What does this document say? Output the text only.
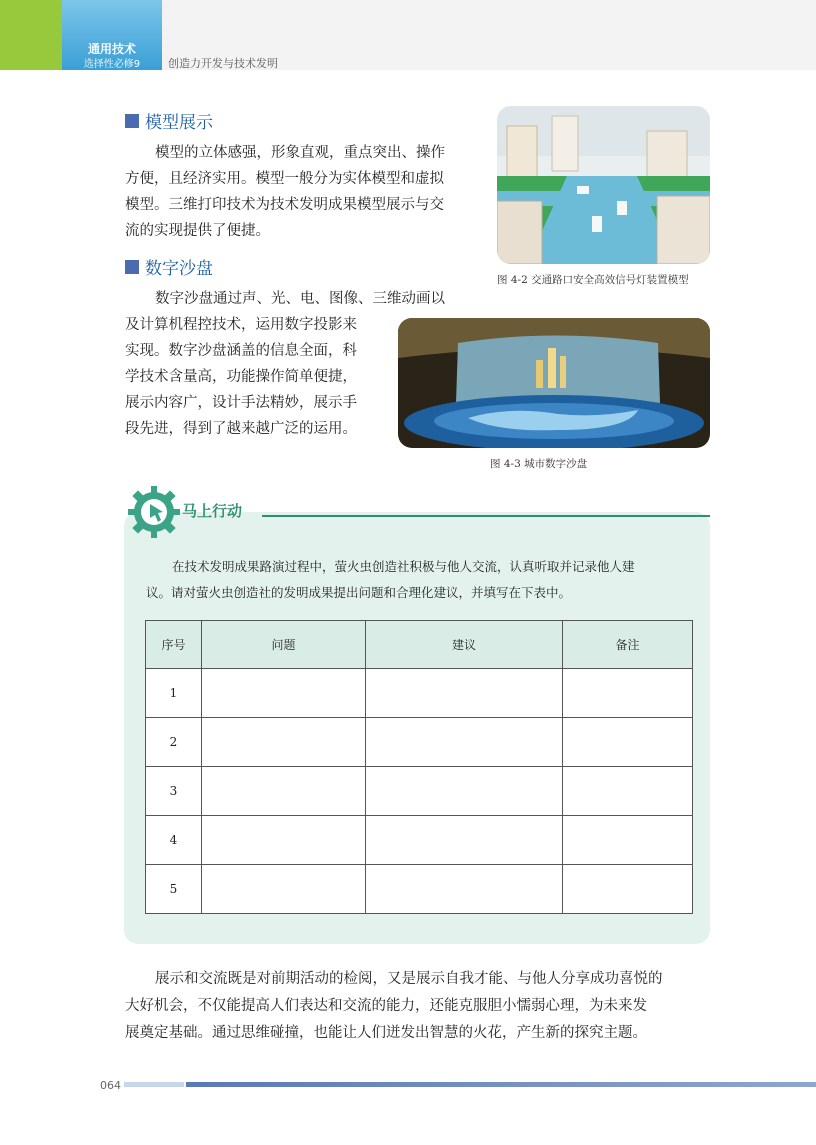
通用技术
选择性必修9	创造力开发与技术发明
模型展示

模型的立体感强，形象直观，重点突出、操作

方便，且经济实用。模型一般分为实体模型和虚拟

模型。三维打印技术为技术发明成果模型展示与交

流的实现提供了便捷。

图 4-2 交通路口安全高效信号灯装置模型
数字沙盘

数字沙盘通过声、光、电、图像、三维动画以

及计算机程控技术，运用数字投影来

实现。数字沙盘涵盖的信息全面，科

学技术含量高，功能操作简单便捷，

展示内容广，设计手法精妙，展示手

段先进，得到了越来越广泛的运用。

图 4-3 城市数字沙盘
马上行动

在技术发明成果路演过程中，萤火虫创造社积极与他人交流，认真听取并记录他人建

议。请对萤火虫创造社的发明成果提出问题和合理化建议，并填写在下表中。

序号	问题	建议	备注
1			
2			
3			
4			
5			

展示和交流既是对前期活动的检阅，又是展示自我才能、与他人分享成功喜悦的

大好机会，不仅能提高人们表达和交流的能力，还能克服胆小懦弱心理，为未来发

展奠定基础。通过思维碰撞，也能让人们迸发出智慧的火花，产生新的探究主题。

064
